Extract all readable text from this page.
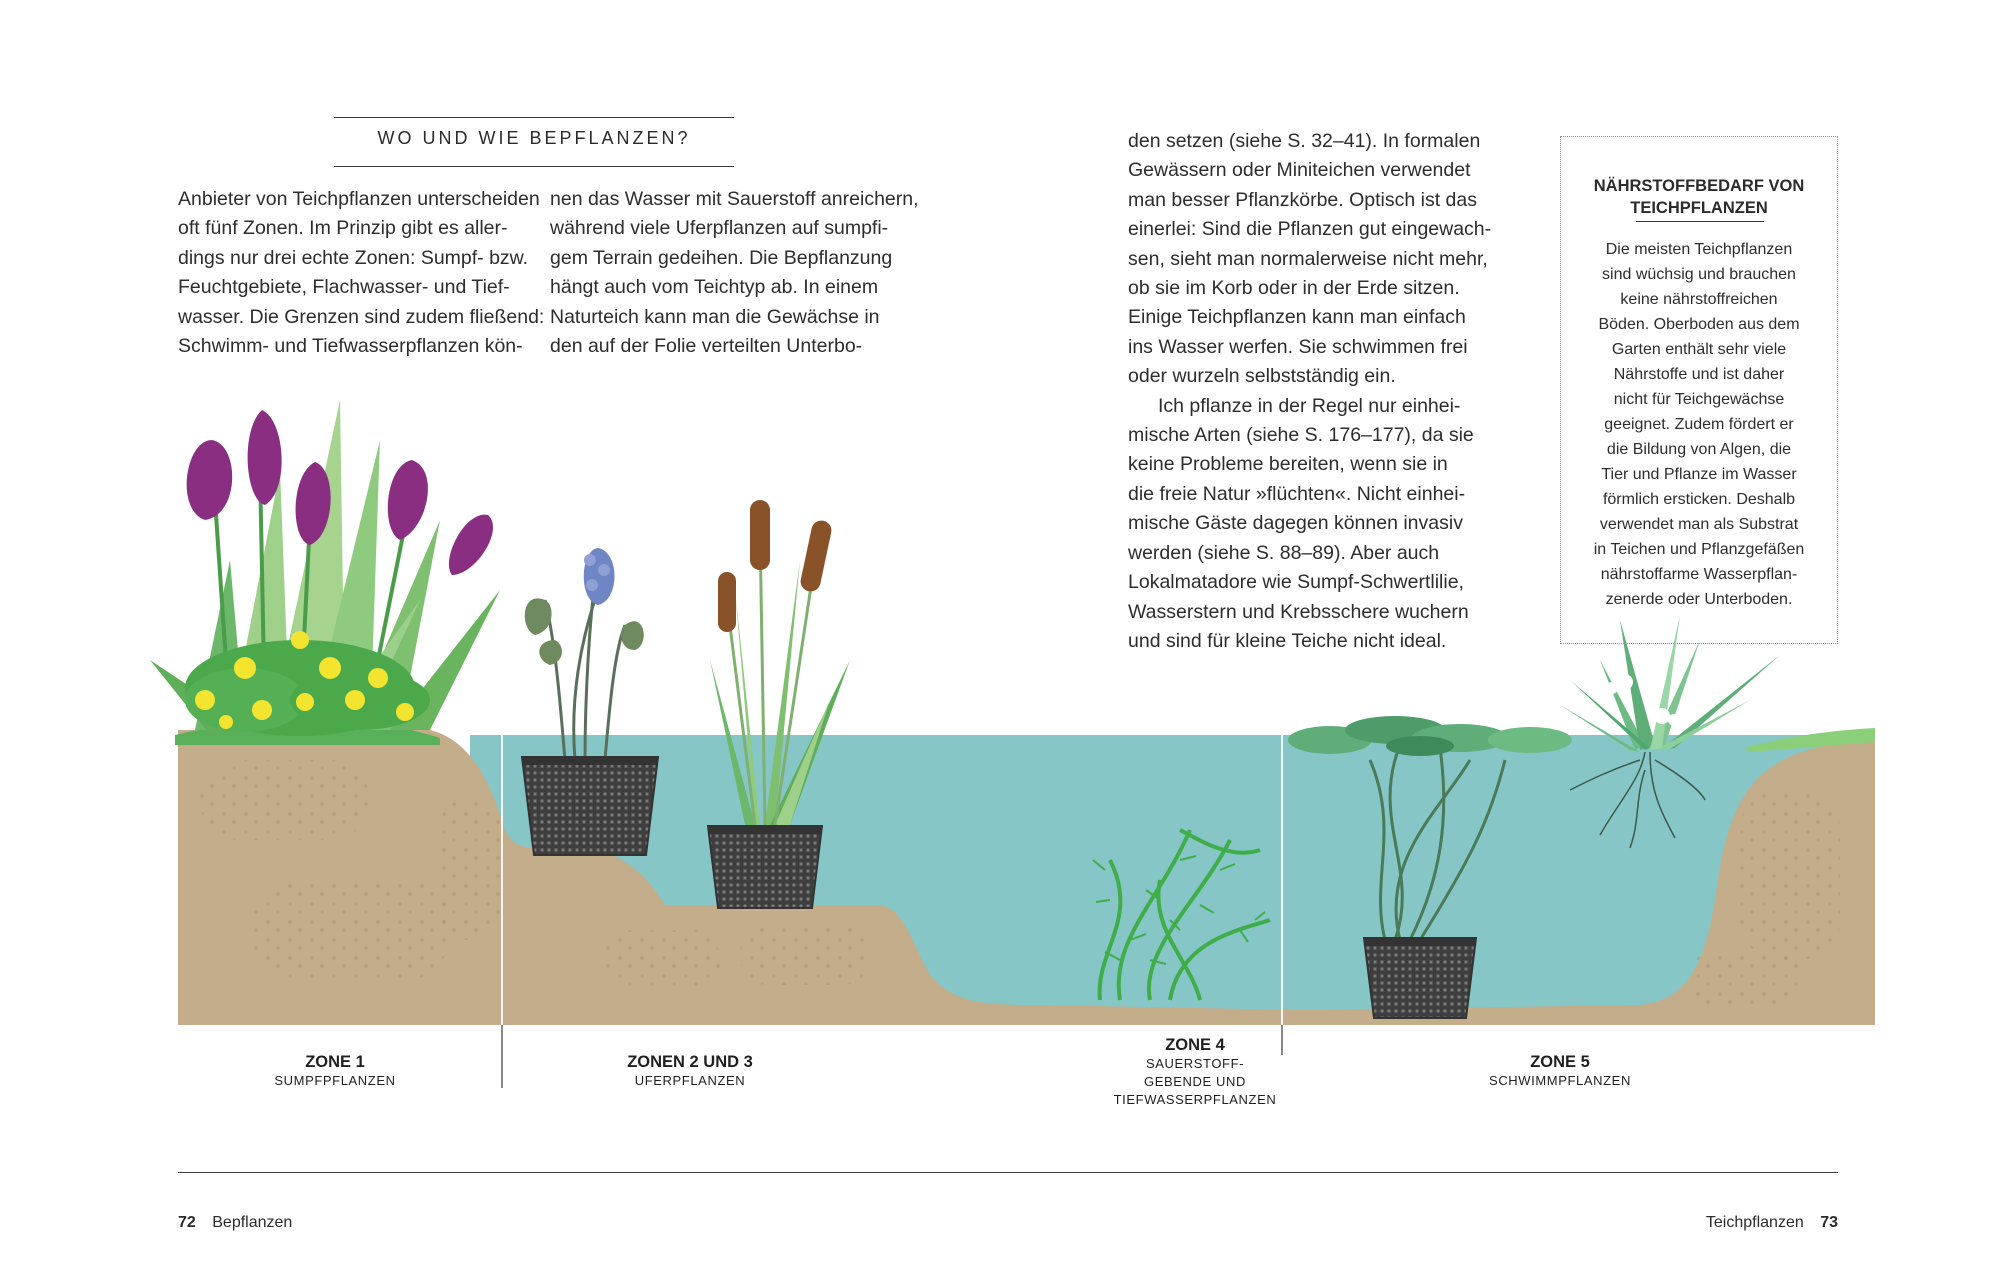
WO UND WIE BEPFLANZEN?
Anbieter von Teichpflanzen unterscheiden
oft fünf Zonen. Im Prinzip gibt es aller-
dings nur drei echte Zonen: Sumpf- bzw.
Feuchtgebiete, Flachwasser- und Tief-
wasser. Die Grenzen sind zudem fließend:
Schwimm- und Tiefwasserpflanzen kön-
nen das Wasser mit Sauerstoff anreichern,
während viele Uferpflanzen auf sumpfi-
gem Terrain gedeihen. Die Bepflanzung
hängt auch vom Teichtyp ab. In einem
Naturteich kann man die Gewächse in
den auf der Folie verteilten Unterbo-
den setzen (siehe S. 32–41). In formalen
Gewässern oder Miniteichen verwendet
man besser Pflanzkörbe. Optisch ist das
einerlei: Sind die Pflanzen gut eingewach-
sen, sieht man normalerweise nicht mehr,
ob sie im Korb oder in der Erde sitzen.
Einige Teichpflanzen kann man einfach
ins Wasser werfen. Sie schwimmen frei
oder wurzeln selbstständig ein.
Ich pflanze in der Regel nur einhei-
mische Arten (siehe S. 176–177), da sie
keine Probleme bereiten, wenn sie in
die freie Natur »flüchten«. Nicht einhei-
mische Gäste dagegen können invasiv
werden (siehe S. 88–89). Aber auch
Lokalmatadore wie Sumpf-Schwertlilie,
Wasserstern und Krebsschere wuchern
und sind für kleine Teiche nicht ideal.
NÄHRSTOFFBEDARF VON
TEICHPFLANZEN
Die meisten Teichpflanzen
sind wüchsig und brauchen
keine nährstoffreichen
Böden. Oberboden aus dem
Garten enthält sehr viele
Nährstoffe und ist daher
nicht für Teichgewächse
geeignet. Zudem fördert er
die Bildung von Algen, die
Tier und Pflanze im Wasser
förmlich ersticken. Deshalb
verwendet man als Substrat
in Teichen und Pflanzgefäßen
nährstoffarme Wasserpflan-
zenerde oder Unterboden.
ZONE 1
SUMPFPFLANZEN
ZONEN 2 UND 3
UFERPFLANZEN
ZONE 4
SAUERSTOFF-
GEBENDE UND
TIEFWASSERPFLANZEN
ZONE 5
SCHWIMMPFLANZEN
72 Bepflanzen	Teichpflanzen 73
